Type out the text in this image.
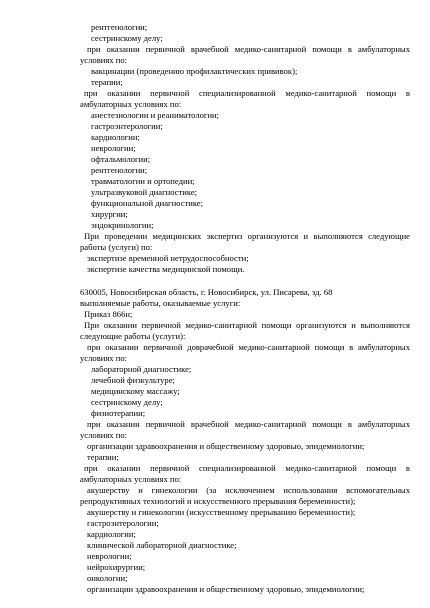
рентгенологии;
сестринскому делу;
при оказании первичной врачебной медико-санитарной помощи в амбулаторных
условиях по:
вакцинации (проведению профилактических прививок);
терапии;
при оказании первичной специализированной медико-санитарной помощи в
амбулаторных условиях по:
анестезиологии и реаниматологии;
гастроэнтерологии;
кардиологии;
неврологии;
офтальмологии;
рентгенологии;
травматологии и ортопедии;
ультразвуковой диагностике;
функциональной диагностике;
хирургии;
эндокринологии;
При проведении медицинских экспертиз организуются и выполняются следующие
работы (услуги) по:
экспертизе временной нетрудоспособности;
экспертизе качества медицинской помощи.
630005, Новосибирская область, г. Новосибирск, ул. Писарева, зд. 68
выполняемые работы, оказываемые услуги:
Приказ 866н;
При оказании первичной медико-санитарной помощи организуются и выполняются
следующие работы (услуги):
при оказании первичной доврачебной медико-санитарной помощи в амбулаторных
условиях по:
лабораторной диагностике;
лечебной физкультуре;
медицинскому массажу;
сестринскому делу;
физиотерапии;
при оказании первичной врачебной медико-санитарной помощи в амбулаторных
условиях по:
организации здравоохранения и общественному здоровью, эпидемиологии;
терапии;
при оказании первичной специализированной медико-санитарной помощи в
амбулаторных условиях по:
акушерству и гинекологии (за исключением использования вспомогательных
репродуктивных технологий и искусственного прерывания беременности);
акушерству и гинекологии (искусственному прерыванию беременности);
гастроэнтерологии;
кардиологии;
клинической лабораторной диагностике;
неврологии;
нейрохирургии;
онкологии;
организации здравоохранения и общественному здоровью, эпидемиологии;
